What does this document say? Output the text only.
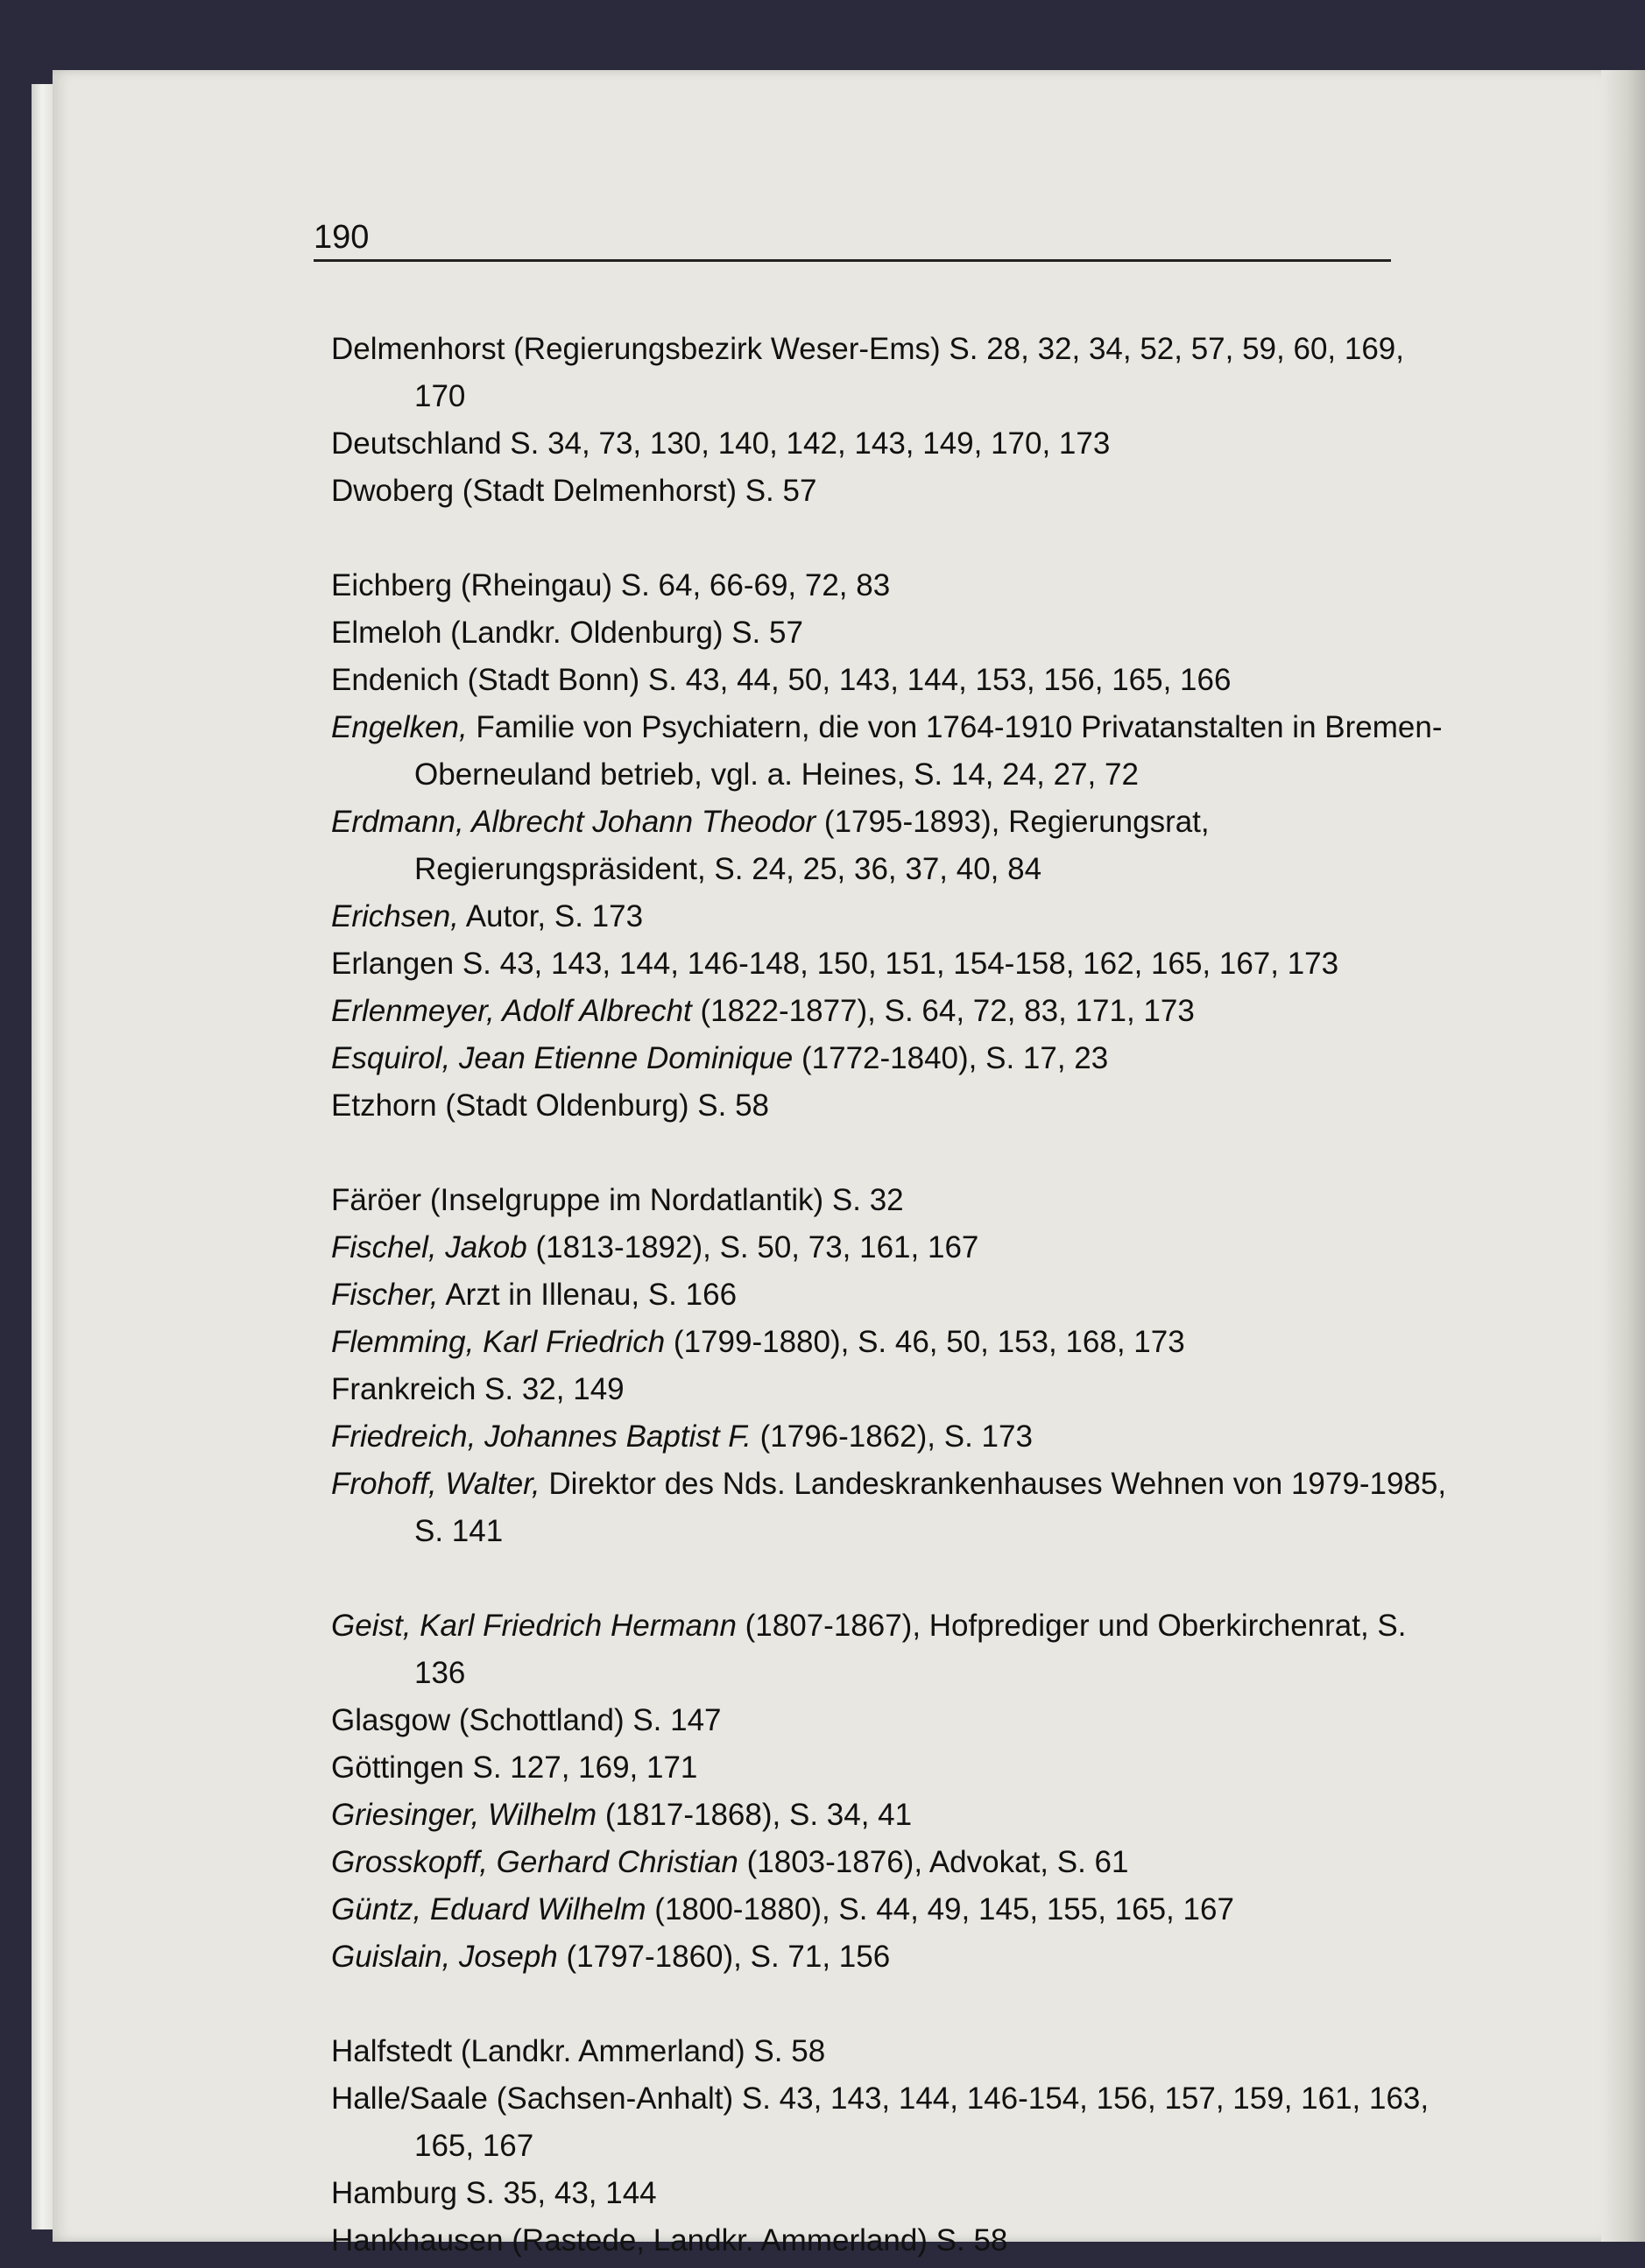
190
Delmenhorst (Regierungsbezirk Weser-Ems) S. 28, 32, 34, 52, 57, 59, 60, 169, 170
Deutschland S. 34, 73, 130, 140, 142, 143, 149, 170, 173
Dwoberg (Stadt Delmenhorst) S. 57
Eichberg (Rheingau) S. 64, 66-69, 72, 83
Elmeloh (Landkr. Oldenburg) S. 57
Endenich (Stadt Bonn) S. 43, 44, 50, 143, 144, 153, 156, 165, 166
Engelken, Familie von Psychiatern, die von 1764-1910 Privatanstalten in Bremen-Oberneuland betrieb, vgl. a. Heines, S. 14, 24, 27, 72
Erdmann, Albrecht Johann Theodor (1795-1893), Regierungsrat, Regierungspräsident, S. 24, 25, 36, 37, 40, 84
Erichsen, Autor, S. 173
Erlangen S. 43, 143, 144, 146-148, 150, 151, 154-158, 162, 165, 167, 173
Erlenmeyer, Adolf Albrecht (1822-1877), S. 64, 72, 83, 171, 173
Esquirol, Jean Etienne Dominique (1772-1840), S. 17, 23
Etzhorn (Stadt Oldenburg) S. 58
Färöer (Inselgruppe im Nordatlantik) S. 32
Fischel, Jakob (1813-1892), S. 50, 73, 161, 167
Fischer, Arzt in Illenau, S. 166
Flemming, Karl Friedrich (1799-1880), S. 46, 50, 153, 168, 173
Frankreich S. 32, 149
Friedreich, Johannes Baptist F. (1796-1862), S. 173
Frohoff, Walter, Direktor des Nds. Landeskrankenhauses Wehnen von 1979-1985, S. 141
Geist, Karl Friedrich Hermann (1807-1867), Hofprediger und Oberkirchenrat, S. 136
Glasgow (Schottland) S. 147
Göttingen S. 127, 169, 171
Griesinger, Wilhelm (1817-1868), S. 34, 41
Grosskopff, Gerhard Christian (1803-1876), Advokat, S. 61
Güntz, Eduard Wilhelm (1800-1880), S. 44, 49, 145, 155, 165, 167
Guislain, Joseph (1797-1860), S. 71, 156
Halfstedt (Landkr. Ammerland) S. 58
Halle/Saale (Sachsen-Anhalt) S. 43, 143, 144, 146-154, 156, 157, 159, 161, 163, 165, 167
Hamburg S. 35, 43, 144
Hankhausen (Rastede, Landkr. Ammerland) S. 58
